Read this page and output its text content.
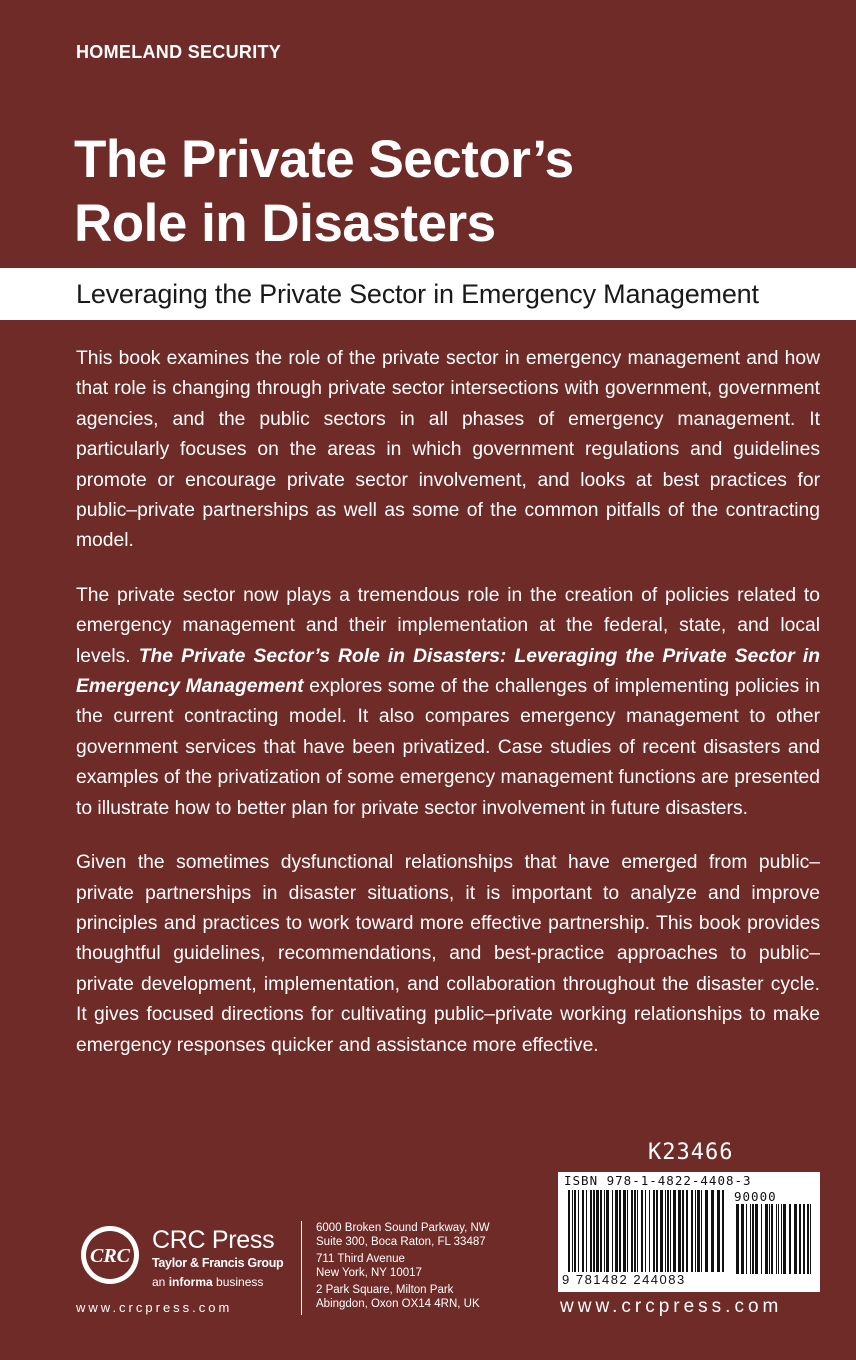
HOMELAND SECURITY
The Private Sector’s
Role in Disasters
Leveraging the Private Sector in Emergency Management

This book examines the role of the private sector in emergency management and how that role is changing through private sector intersections with government, government agencies, and the public sectors in all phases of emergency management. It particularly focuses on the areas in which government regulations and guidelines promote or encourage private sector involvement, and looks at best practices for public–private partnerships as well as some of the common pitfalls of the contracting model.

The private sector now plays a tremendous role in the creation of policies related to emergency management and their implementation at the federal, state, and local levels. The Private Sector’s Role in Disasters: Leveraging the Private Sector in Emergency Management explores some of the challenges of implementing policies in the current contracting model. It also compares emergency management to other government services that have been privatized. Case studies of recent disasters and examples of the privatization of some emergency management functions are presented to illustrate how to better plan for private sector involvement in future disasters.

Given the sometimes dysfunctional relationships that have emerged from public–private partnerships in disaster situations, it is important to analyze and improve principles and practices to work toward more effective partnership. This book provides thoughtful guidelines, recommendations, and best-practice approaches to public–private development, implementation, and collaboration throughout the disaster cycle. It gives focused directions for cultivating public–private working relationships to make emergency responses quicker and assistance more effective.

K23466
ISBN 978-1-4822-4408-3
90000
9 781482 244083
www.crcpress.com
CRC
CRC Press
Taylor & Francis Group
an informa business
www.crcpress.com
6000 Broken Sound Parkway, NW
Suite 300, Boca Raton, FL 33487
711 Third Avenue
New York, NY 10017
2 Park Square, Milton Park
Abingdon, Oxon OX14 4RN, UK
